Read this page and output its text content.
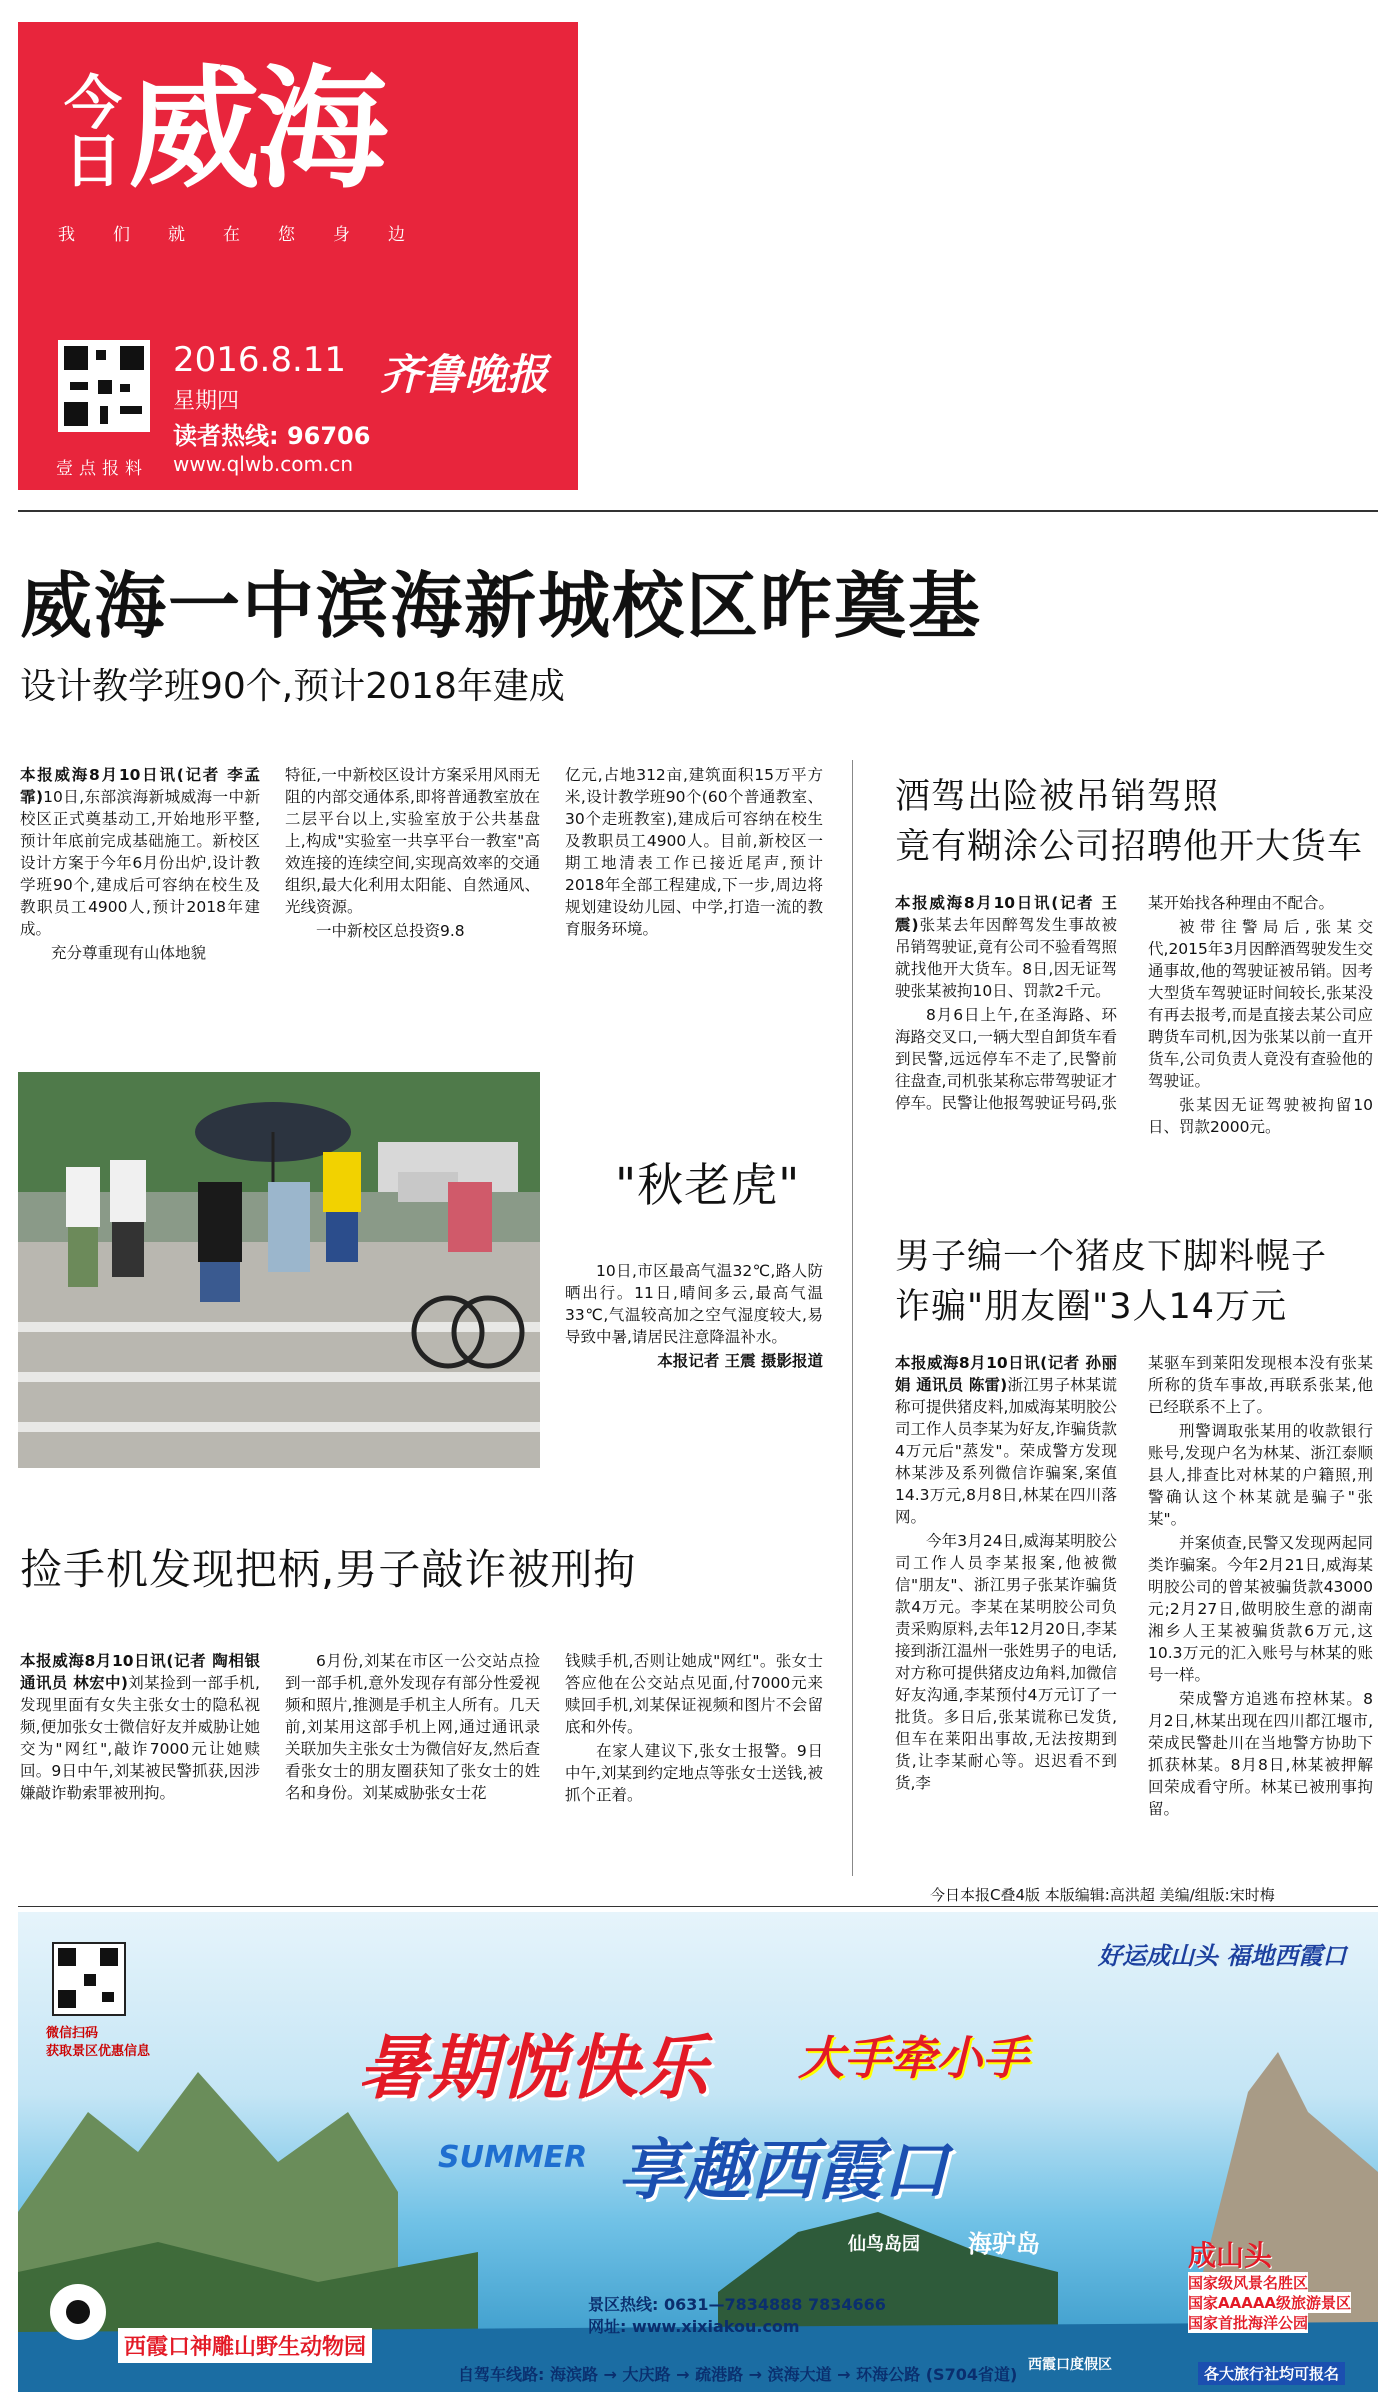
今日 威海
我们就在您身边
壹点报料
2016.8.11
星期四
读者热线: 96706
www.qlwb.com.cn
齐鲁晚报
威海一中滨海新城校区昨奠基
设计教学班90个,预计2018年建成

本报威海8月10日讯(记者 李孟霏)10日,东部滨海新城威海一中新校区正式奠基动工,开始地形平整,预计年底前完成基础施工。新校区设计方案于今年6月份出炉,设计教学班90个,建成后可容纳在校生及教职员工4900人,预计2018年建成。

充分尊重现有山体地貌

特征,一中新校区设计方案采用风雨无阻的内部交通体系,即将普通教室放在二层平台以上,实验室放于公共基盘上,构成"实验室一共享平台一教室"高效连接的连续空间,实现高效率的交通组织,最大化利用太阳能、自然通风、光线资源。

一中新校区总投资9.8

亿元,占地312亩,建筑面积15万平方米,设计教学班90个(60个普通教室、30个走班教室),建成后可容纳在校生及教职员工4900人。目前,新校区一期工地清表工作已接近尾声,预计2018年全部工程建成,下一步,周边将规划建设幼儿园、中学,打造一流的教育服务环境。

酒驾出险被吊销驾照
竟有糊涂公司招聘他开大货车

本报威海8月10日讯(记者 王震)张某去年因醉驾发生事故被吊销驾驶证,竟有公司不验看驾照就找他开大货车。8日,因无证驾驶张某被拘10日、罚款2千元。

8月6日上午,在圣海路、环海路交叉口,一辆大型自卸货车看到民警,远远停车不走了,民警前往盘查,司机张某称忘带驾驶证才停车。民警让他报驾驶证号码,张

某开始找各种理由不配合。

被带往警局后,张某交代,2015年3月因醉酒驾驶发生交通事故,他的驾驶证被吊销。因考大型货车驾驶证时间较长,张某没有再去报考,而是直接去某公司应聘货车司机,因为张某以前一直开货车,公司负责人竟没有查验他的驾驶证。

张某因无证驾驶被拘留10日、罚款2000元。

"秋老虎"

10日,市区最高气温32℃,路人防晒出行。11日,晴间多云,最高气温33℃,气温较高加之空气湿度较大,易导致中暑,请居民注意降温补水。

本报记者 王震 摄影报道

男子编一个猪皮下脚料幌子
诈骗"朋友圈"3人14万元

本报威海8月10日讯(记者 孙丽娟 通讯员 陈雷)浙江男子林某谎称可提供猪皮料,加威海某明胶公司工作人员李某为好友,诈骗货款4万元后"蒸发"。荣成警方发现林某涉及系列微信诈骗案,案值14.3万元,8月8日,林某在四川落网。

今年3月24日,威海某明胶公司工作人员李某报案,他被微信"朋友"、浙江男子张某诈骗货款4万元。李某在某明胶公司负责采购原料,去年12月20日,李某接到浙江温州一张姓男子的电话,对方称可提供猪皮边角料,加微信好友沟通,李某预付4万元订了一批货。多日后,张某谎称已发货,但车在莱阳出事故,无法按期到货,让李某耐心等。迟迟看不到货,李

某驱车到莱阳发现根本没有张某所称的货车事故,再联系张某,他已经联系不上了。

刑警调取张某用的收款银行账号,发现户名为林某、浙江泰顺县人,排查比对林某的户籍照,刑警确认这个林某就是骗子"张某"。

并案侦查,民警又发现两起同类诈骗案。今年2月21日,威海某明胶公司的曾某被骗货款43000元;2月27日,做明胶生意的湖南湘乡人王某被骗货款6万元,这10.3万元的汇入账号与林某的账号一样。

荣成警方追逃布控林某。8月2日,林某出现在四川都江堰市,荣成民警赴川在当地警方协助下抓获林某。8月8日,林某被押解回荣成看守所。林某已被刑事拘留。

捡手机发现把柄,男子敲诈被刑拘

本报威海8月10日讯(记者 陶相银 通讯员 林宏中)刘某捡到一部手机,发现里面有女失主张女士的隐私视频,便加张女士微信好友并威胁让她交为"网红",敲诈7000元让她赎回。9日中午,刘某被民警抓获,因涉嫌敲诈勒索罪被刑拘。

6月份,刘某在市区一公交站点捡到一部手机,意外发现存有部分性爱视频和照片,推测是手机主人所有。几天前,刘某用这部手机上网,通过通讯录关联加失主张女士为微信好友,然后查看张女士的朋友圈获知了张女士的姓名和身份。刘某威胁张女士花

钱赎手机,否则让她成"网红"。张女士答应他在公交站点见面,付7000元来赎回手机,刘某保证视频和图片不会留底和外传。

在家人建议下,张女士报警。9日中午,刘某到约定地点等张女士送钱,被抓个正着。

今日本报C叠4版 本版编辑:高洪超 美编/组版:宋时梅
微信扫码
获取景区优惠信息
好运成山头 福地西霞口
暑期悦快乐 大手牵小手
享趣西霞口
SUMMER
仙鸟岛园 海驴岛
西霞口神雕山野生动物园
景区热线: 0631—7834888 7834666
网址: www.xixiakou.com
自驾车线路: 海滨路 → 大庆路 → 疏港路 → 滨海大道 → 环海公路 (S704省道) 西霞口度假区
成山头
国家级风景名胜区
国家AAAAA级旅游景区
国家首批海洋公园
各大旅行社均可报名
